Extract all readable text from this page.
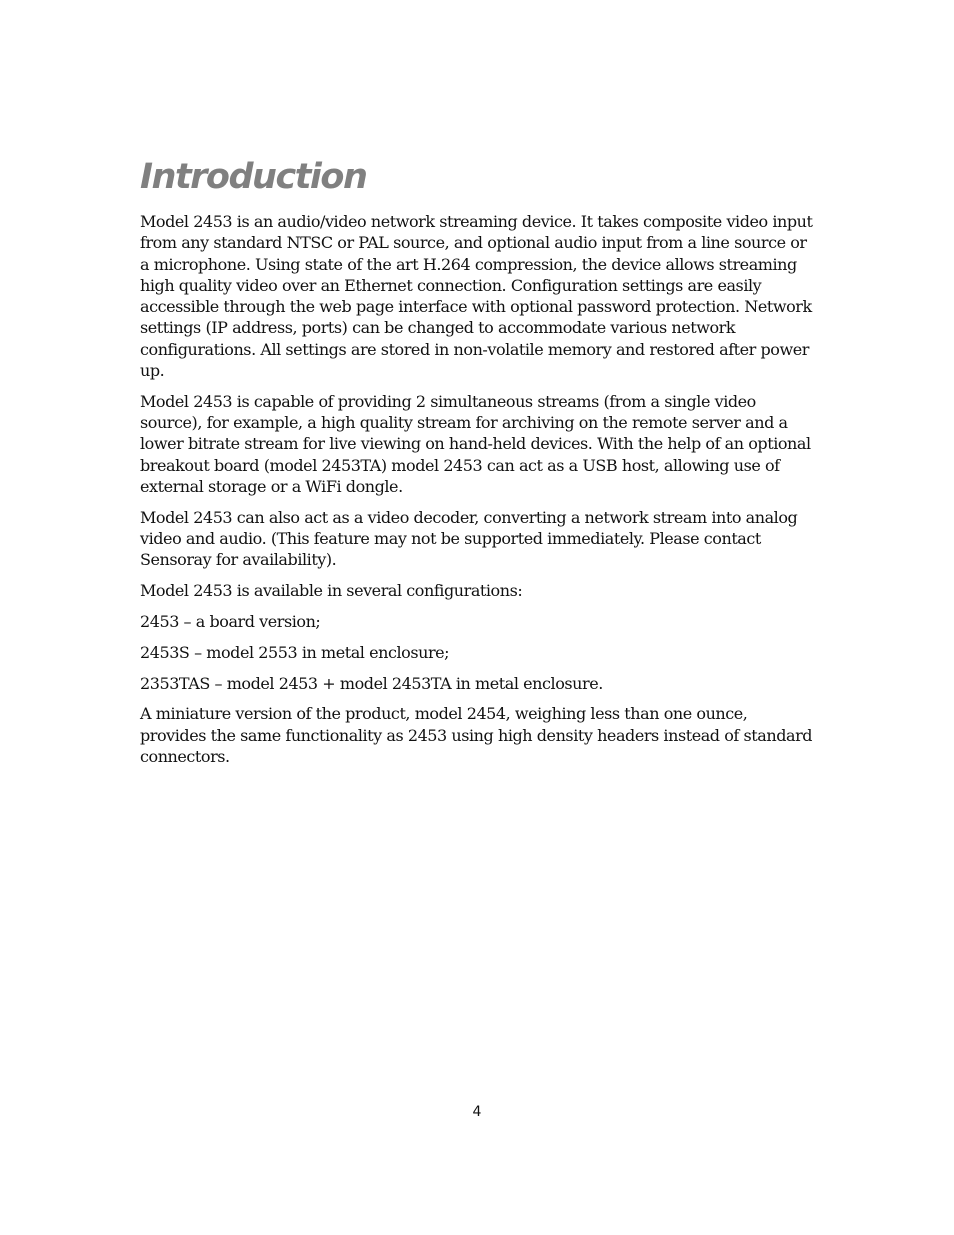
Introduction

Model 2453 is an audio/video network streaming device. It takes composite video input from any standard NTSC or PAL source, and optional audio input from a line source or a microphone. Using state of the art H.264 compression, the device allows streaming high quality video over an Ethernet connection. Configuration settings are easily accessible through the web page interface with optional password protection. Network settings (IP address, ports) can be changed to accommodate various network configurations. All settings are stored in non-volatile memory and restored after power up.

Model 2453 is capable of providing 2 simultaneous streams (from a single video source), for example, a high quality stream for archiving on the remote server and a lower bitrate stream for live viewing on hand-held devices. With the help of an optional breakout board (model 2453TA) model 2453 can act as a USB host, allowing use of external storage or a WiFi dongle.

Model 2453 can also act as a video decoder, converting a network stream into analog video and audio. (This feature may not be supported immediately. Please contact Sensoray for availability).

Model 2453 is available in several configurations:

2453 – a board version;

2453S – model 2553 in metal enclosure;

2353TAS – model 2453 + model 2453TA in metal enclosure.

A miniature version of the product, model 2454, weighing less than one ounce, provides the same functionality as 2453 using high density headers instead of standard connectors.

4
